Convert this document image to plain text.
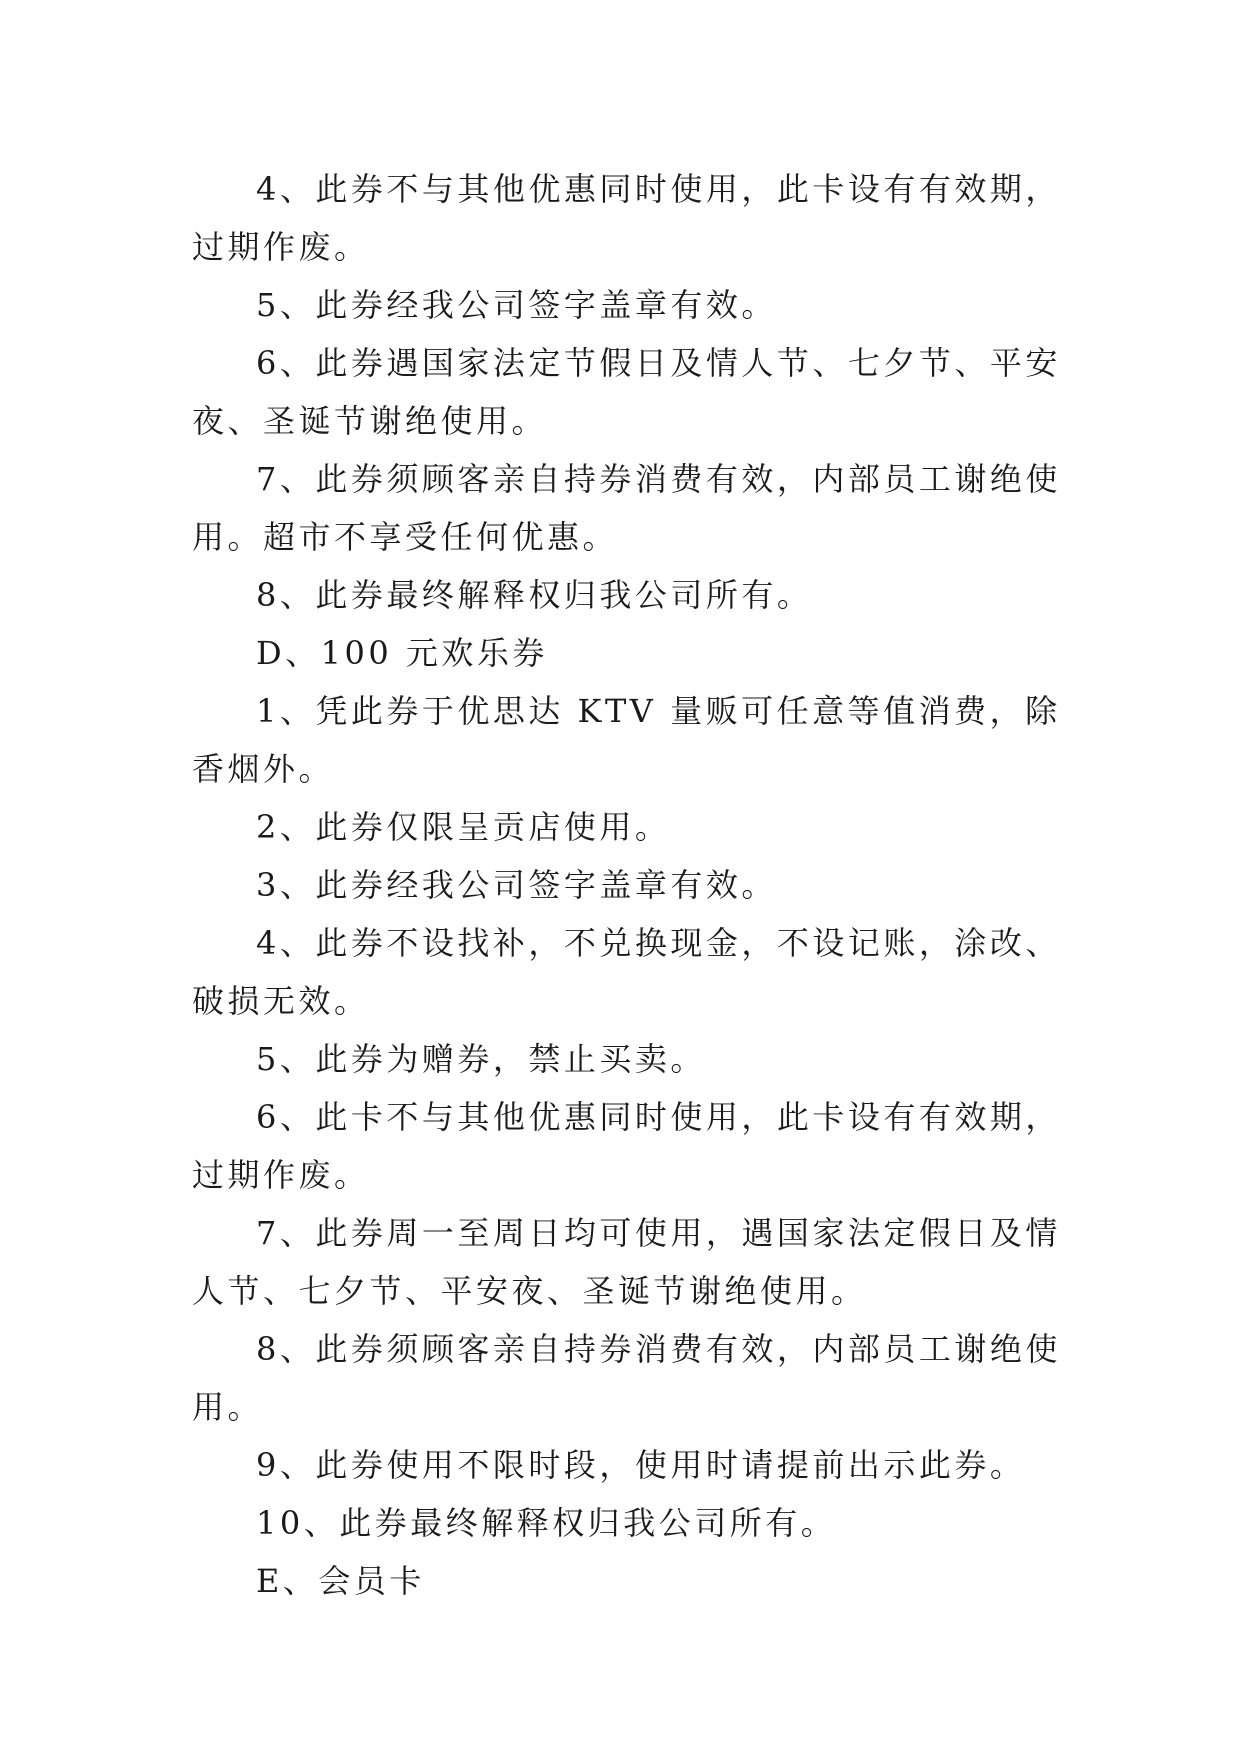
4、此券不与其他优惠同时使用，此卡设有有效期，过期作废。

5、此券经我公司签字盖章有效。

6、此券遇国家法定节假日及情人节、七夕节、平安夜、圣诞节谢绝使用。

7、此券须顾客亲自持券消费有效，内部员工谢绝使用。超市不享受任何优惠。

8、此券最终解释权归我公司所有。

D、100 元欢乐券

1、凭此券于优思达 KTV 量贩可任意等值消费，除香烟外。

2、此券仅限呈贡店使用。

3、此券经我公司签字盖章有效。

4、此券不设找补，不兑换现金，不设记账，涂改、破损无效。

5、此券为赠券，禁止买卖。

6、此卡不与其他优惠同时使用，此卡设有有效期，过期作废。

7、此券周一至周日均可使用，遇国家法定假日及情人节、七夕节、平安夜、圣诞节谢绝使用。

8、此券须顾客亲自持券消费有效，内部员工谢绝使用。

9、此券使用不限时段，使用时请提前出示此券。

10、此券最终解释权归我公司所有。

E、会员卡
